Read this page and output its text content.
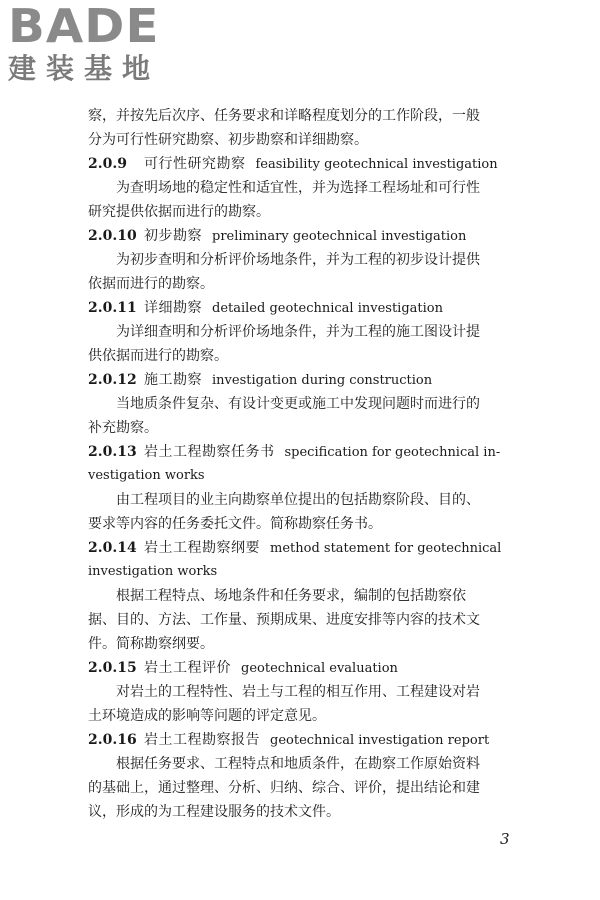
BADE
建装基地
察，并按先后次序、任务要求和详略程度划分的工作阶段，一般
分为可行性研究勘察、初步勘察和详细勘察。
2.0.9 可行性研究勘察 feasibility geotechnical investigation
为查明场地的稳定性和适宜性，并为选择工程场址和可行性
研究提供依据而进行的勘察。
2.0.10 初步勘察 preliminary geotechnical investigation
为初步查明和分析评价场地条件，并为工程的初步设计提供
依据而进行的勘察。
2.0.11 详细勘察 detailed geotechnical investigation
为详细查明和分析评价场地条件，并为工程的施工图设计提
供依据而进行的勘察。
2.0.12 施工勘察 investigation during construction
当地质条件复杂、有设计变更或施工中发现问题时而进行的
补充勘察。
2.0.13 岩土工程勘察任务书 specification for geotechnical in-
vestigation works
由工程项目的业主向勘察单位提出的包括勘察阶段、目的、
要求等内容的任务委托文件。简称勘察任务书。
2.0.14 岩土工程勘察纲要 method statement for geotechnical
investigation works
根据工程特点、场地条件和任务要求，编制的包括勘察依
据、目的、方法、工作量、预期成果、进度安排等内容的技术文
件。简称勘察纲要。
2.0.15 岩土工程评价 geotechnical evaluation
对岩土的工程特性、岩土与工程的相互作用、工程建设对岩
土环境造成的影响等问题的评定意见。
2.0.16 岩土工程勘察报告 geotechnical investigation report
根据任务要求、工程特点和地质条件，在勘察工作原始资料
的基础上，通过整理、分析、归纳、综合、评价，提出结论和建
议，形成的为工程建设服务的技术文件。
3
